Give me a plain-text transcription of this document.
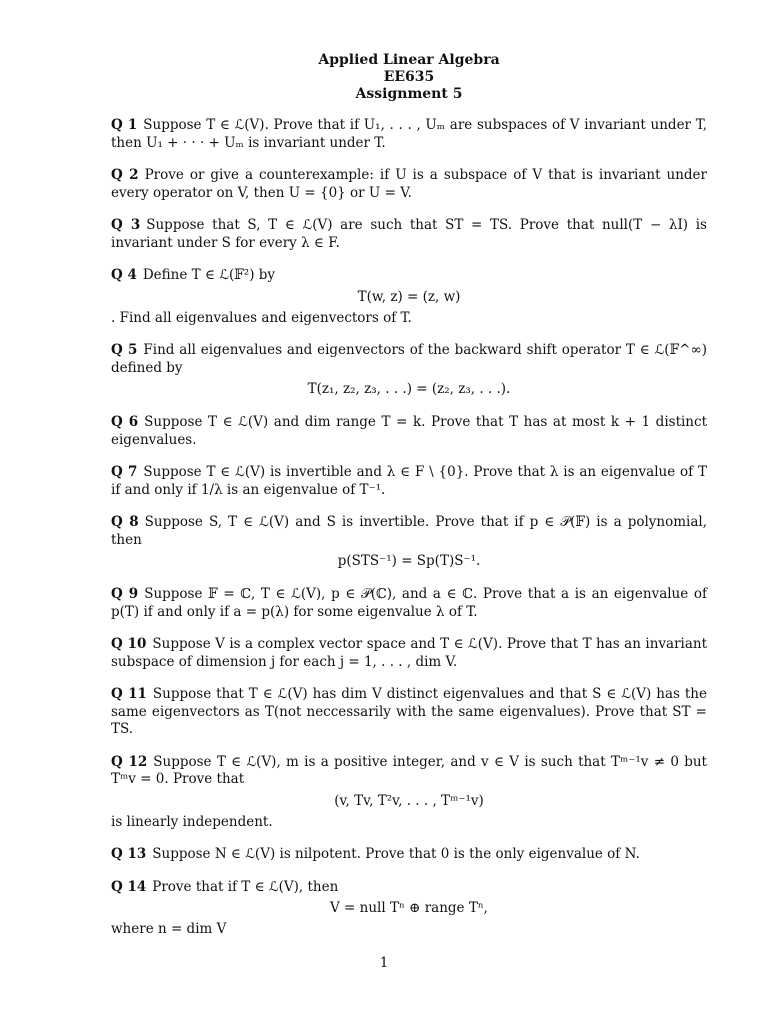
Applied Linear Algebra

EE635

Assignment 5

Q 1 Suppose T ∈ ℒ(V). Prove that if U₁, . . . , Uₘ are subspaces of V invariant under T, then U₁ + · · · + Uₘ is invariant under T.
Q 2 Prove or give a counterexample: if U is a subspace of V that is invariant under every operator on V, then U = {0} or U = V.
Q 3 Suppose that S, T ∈ ℒ(V) are such that ST = TS. Prove that null(T − λI) is invariant under S for every λ ∈ F.
Q 4 Define T ∈ ℒ(𝔽²) by
T(w, z) = (z, w)
. Find all eigenvalues and eigenvectors of T.
Q 5 Find all eigenvalues and eigenvectors of the backward shift operator T ∈ ℒ(𝔽^∞) defined by
T(z₁, z₂, z₃, . . .) = (z₂, z₃, . . .).
Q 6 Suppose T ∈ ℒ(V) and dim range T = k. Prove that T has at most k + 1 distinct eigenvalues.
Q 7 Suppose T ∈ ℒ(V) is invertible and λ ∈ F \ {0}. Prove that λ is an eigenvalue of T if and only if 1/λ is an eigenvalue of T⁻¹.
Q 8 Suppose S, T ∈ ℒ(V) and S is invertible. Prove that if p ∈ 𝒫(𝔽) is a polynomial, then
p(STS⁻¹) = Sp(T)S⁻¹.
Q 9 Suppose 𝔽 = ℂ, T ∈ ℒ(V), p ∈ 𝒫(ℂ), and a ∈ ℂ. Prove that a is an eigenvalue of p(T) if and only if a = p(λ) for some eigenvalue λ of T.
Q 10 Suppose V is a complex vector space and T ∈ ℒ(V). Prove that T has an invariant subspace of dimension j for each j = 1, . . . , dim V.
Q 11 Suppose that T ∈ ℒ(V) has dim V distinct eigenvalues and that S ∈ ℒ(V) has the same eigenvectors as T(not neccessarily with the same eigenvalues). Prove that ST = TS.
Q 12 Suppose T ∈ ℒ(V), m is a positive integer, and v ∈ V is such that Tᵐ⁻¹v ≠ 0 but Tᵐv = 0. Prove that
(v, Tv, T²v, . . . , Tᵐ⁻¹v)
is linearly independent.
Q 13 Suppose N ∈ ℒ(V) is nilpotent. Prove that 0 is the only eigenvalue of N.
Q 14 Prove that if T ∈ ℒ(V), then
V = null Tⁿ ⊕ range Tⁿ,
where n = dim V
1
